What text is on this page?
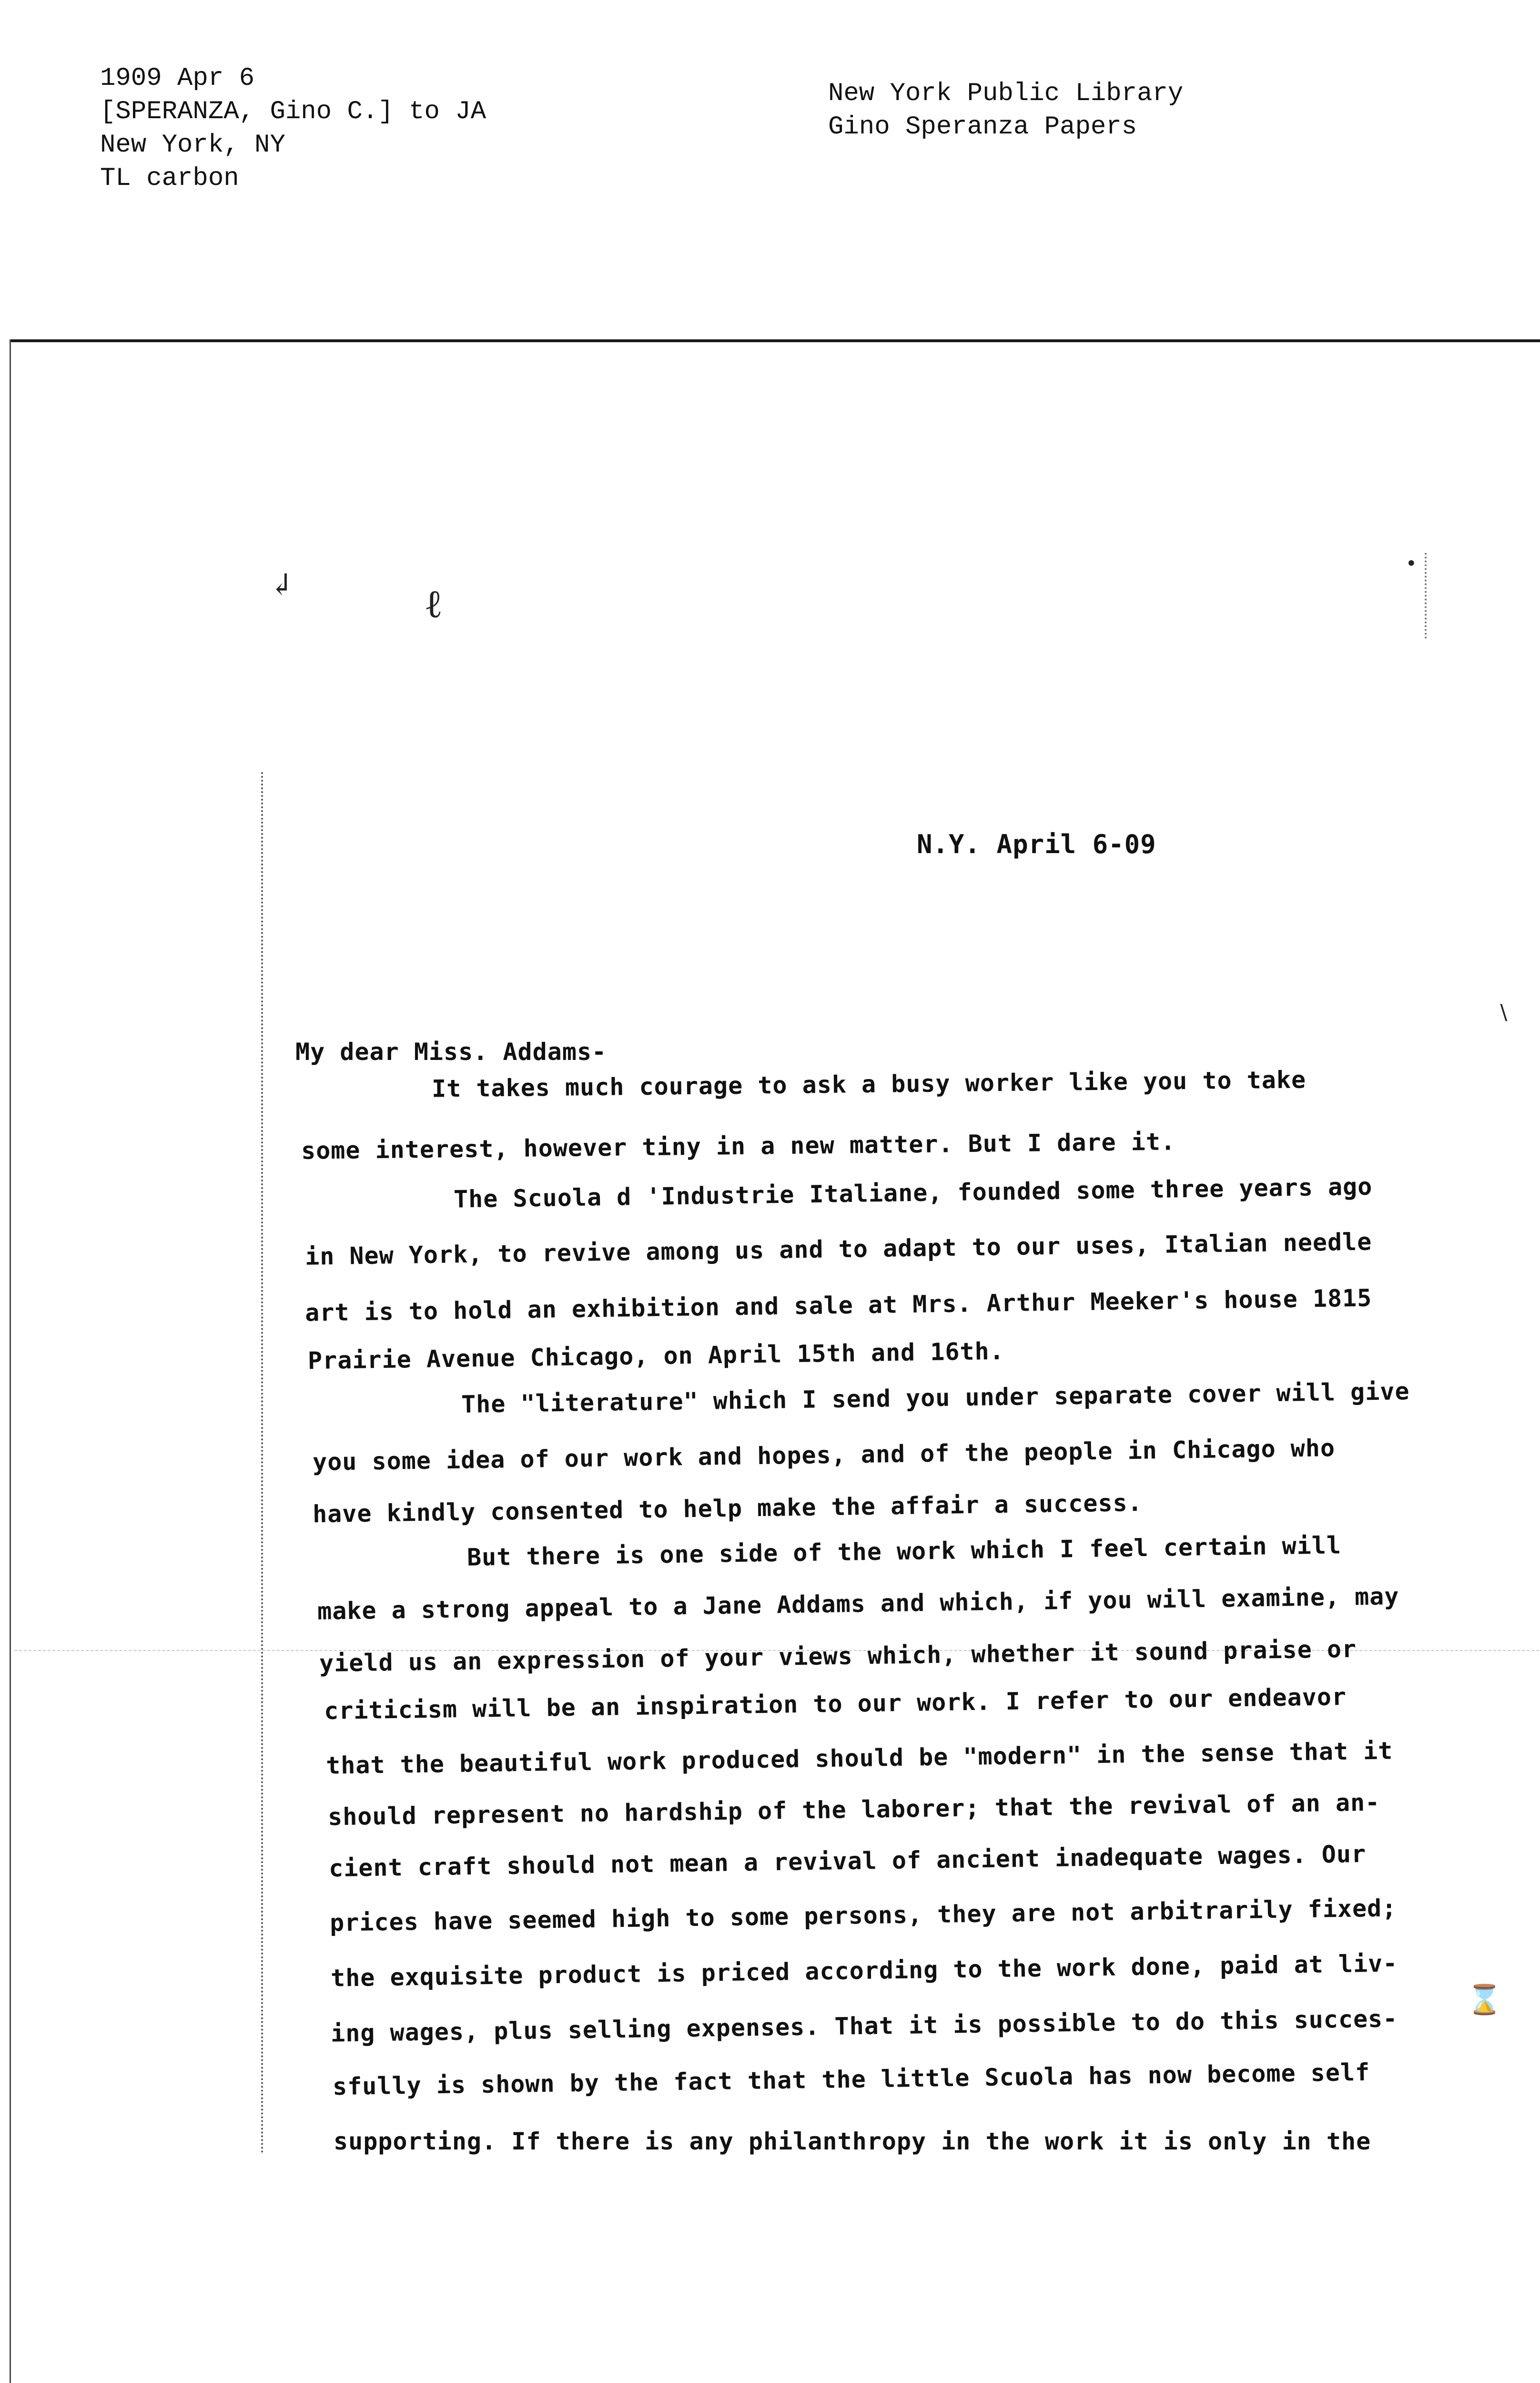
1909 Apr 6
[SPERANZA, Gino C.] to JA
New York, NY
TL carbon
New York Public Library
Gino Speranza Papers
↲	ℓ
•
∖
⌛
N.Y. April 6-09
My dear Miss. Addams-
It takes much courage to ask a busy worker like you to take
some interest, however tiny in a new matter. But I dare it.
The Scuola d 'Industrie Italiane, founded some three years ago
in New York, to revive among us and to adapt to our uses, Italian needle
art is to hold an exhibition and sale at Mrs. Arthur Meeker's house 1815
Prairie Avenue Chicago, on April 15th and 16th.
The "literature" which I send you under separate cover will give
you some idea of our work and hopes, and of the people in Chicago who
have kindly consented to help make the affair a success.
But there is one side of the work which I feel certain will
make a strong appeal to a Jane Addams and which, if you will examine, may
yield us an expression of your views which, whether it sound praise or
criticism will be an inspiration to our work. I refer to our endeavor
that the beautiful work produced should be "modern" in the sense that it
should represent no hardship of the laborer; that the revival of an an-
cient craft should not mean a revival of ancient inadequate wages. Our
prices have seemed high to some persons, they are not arbitrarily fixed;
the exquisite product is priced according to the work done, paid at liv-
ing wages, plus selling expenses. That it is possible to do this succes-
sfully is shown by the fact that the little Scuola has now become self
supporting. If there is any philanthropy in the work it is only in the
